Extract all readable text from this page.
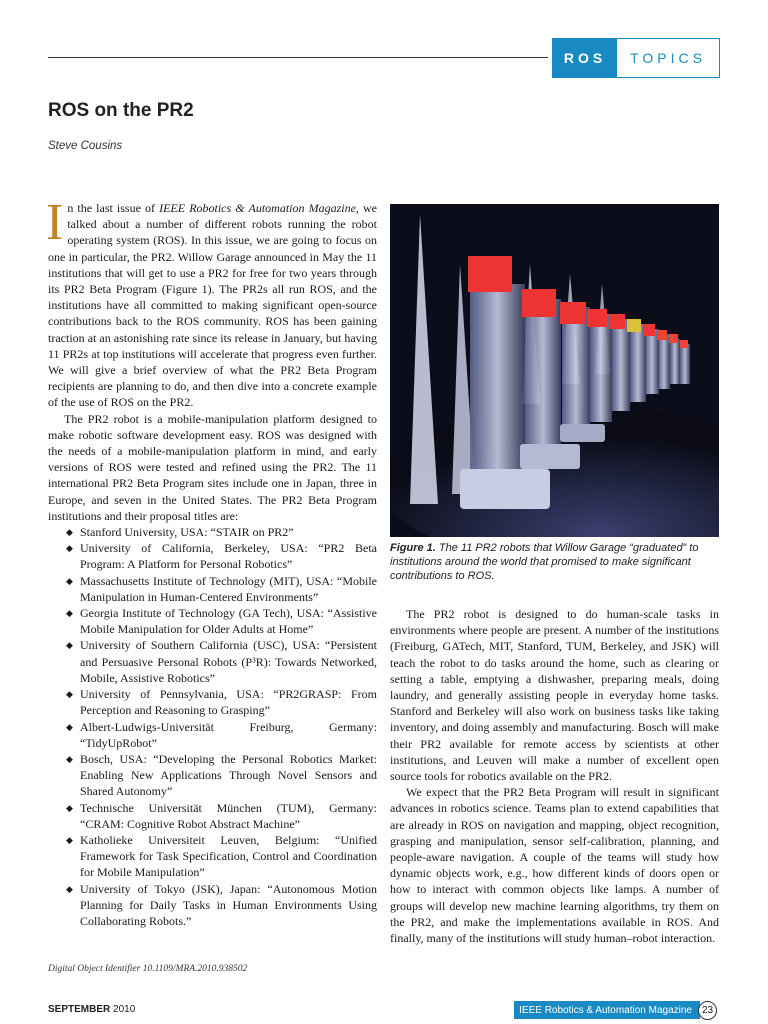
ROS	TOPICS
ROS on the PR2
Steve Cousins

In the last issue of IEEE Robotics & Automation Magazine, we talked about a number of different robots running the robot operating system (ROS). In this issue, we are going to focus on one in particular, the PR2. Willow Garage announced in May the 11 institutions that will get to use a PR2 for free for two years through its PR2 Beta Program (Figure 1). The PR2s all run ROS, and the institutions have all committed to making significant open-source contributions back to the ROS community. ROS has been gaining traction at an astonishing rate since its release in January, but having 11 PR2s at top institutions will accelerate that progress even further. We will give a brief overview of what the PR2 Beta Program recipients are planning to do, and then dive into a concrete example of the use of ROS on the PR2.

The PR2 robot is a mobile-manipulation platform designed to make robotic software development easy. ROS was designed with the needs of a mobile-manipulation platform in mind, and early versions of ROS were tested and refined using the PR2. The 11 international PR2 Beta Program sites include one in Japan, three in Europe, and seven in the United States. The PR2 Beta Program institutions and their proposal titles are:

◆ Stanford University, USA: “STAIR on PR2”
◆ University of California, Berkeley, USA: “PR2 Beta Program: A Platform for Personal Robotics”
◆ Massachusetts Institute of Technology (MIT), USA: “Mobile Manipulation in Human-Centered Environments”
◆ Georgia Institute of Technology (GA Tech), USA: “Assistive Mobile Manipulation for Older Adults at Home”
◆ University of Southern California (USC), USA: “Persistent and Persuasive Personal Robots (P³R): Towards Networked, Mobile, Assistive Robotics”
◆ University of Pennsylvania, USA: “PR2GRASP: From Perception and Reasoning to Grasping”
◆ Albert-Ludwigs-Universität Freiburg, Germany: “TidyUpRobot”
◆ Bosch, USA: “Developing the Personal Robotics Market: Enabling New Applications Through Novel Sensors and Shared Autonomy”
◆ Technische Universität München (TUM), Germany: “CRAM: Cognitive Robot Abstract Machine”
◆ Katholieke Universiteit Leuven, Belgium: “Unified Framework for Task Specification, Control and Coordination for Mobile Manipulation”
◆ University of Tokyo (JSK), Japan: “Autonomous Motion Planning for Daily Tasks in Human Environments Using Collaborating Robots.”
Digital Object Identifier 10.1109/MRA.2010.938502
Figure 1. The 11 PR2 robots that Willow Garage “graduated” to institutions around the world that promised to make significant contributions to ROS.

The PR2 robot is designed to do human-scale tasks in environments where people are present. A number of the institutions (Freiburg, GATech, MIT, Stanford, TUM, Berkeley, and JSK) will teach the robot to do tasks around the home, such as clearing or setting a table, emptying a dishwasher, preparing meals, doing laundry, and generally assisting people in everyday home tasks. Stanford and Berkeley will also work on business tasks like taking inventory, and doing assembly and manufacturing. Bosch will make their PR2 available for remote access by scientists at other institutions, and Leuven will make a number of excellent open source tools for robotics available on the PR2.

We expect that the PR2 Beta Program will result in significant advances in robotics science. Teams plan to extend capabilities that are already in ROS on navigation and mapping, object recognition, grasping and manipulation, sensor self-calibration, planning, and people-aware navigation. A couple of the teams will study how dynamic objects work, e.g., how different kinds of doors open or how to interact with common objects like lamps. A number of groups will develop new machine learning algorithms, try them on the PR2, and make the implementations available in ROS. And finally, many of the institutions will study human–robot interaction.

SEPTEMBER 2010	IEEE Robotics & Automation Magazine 23
